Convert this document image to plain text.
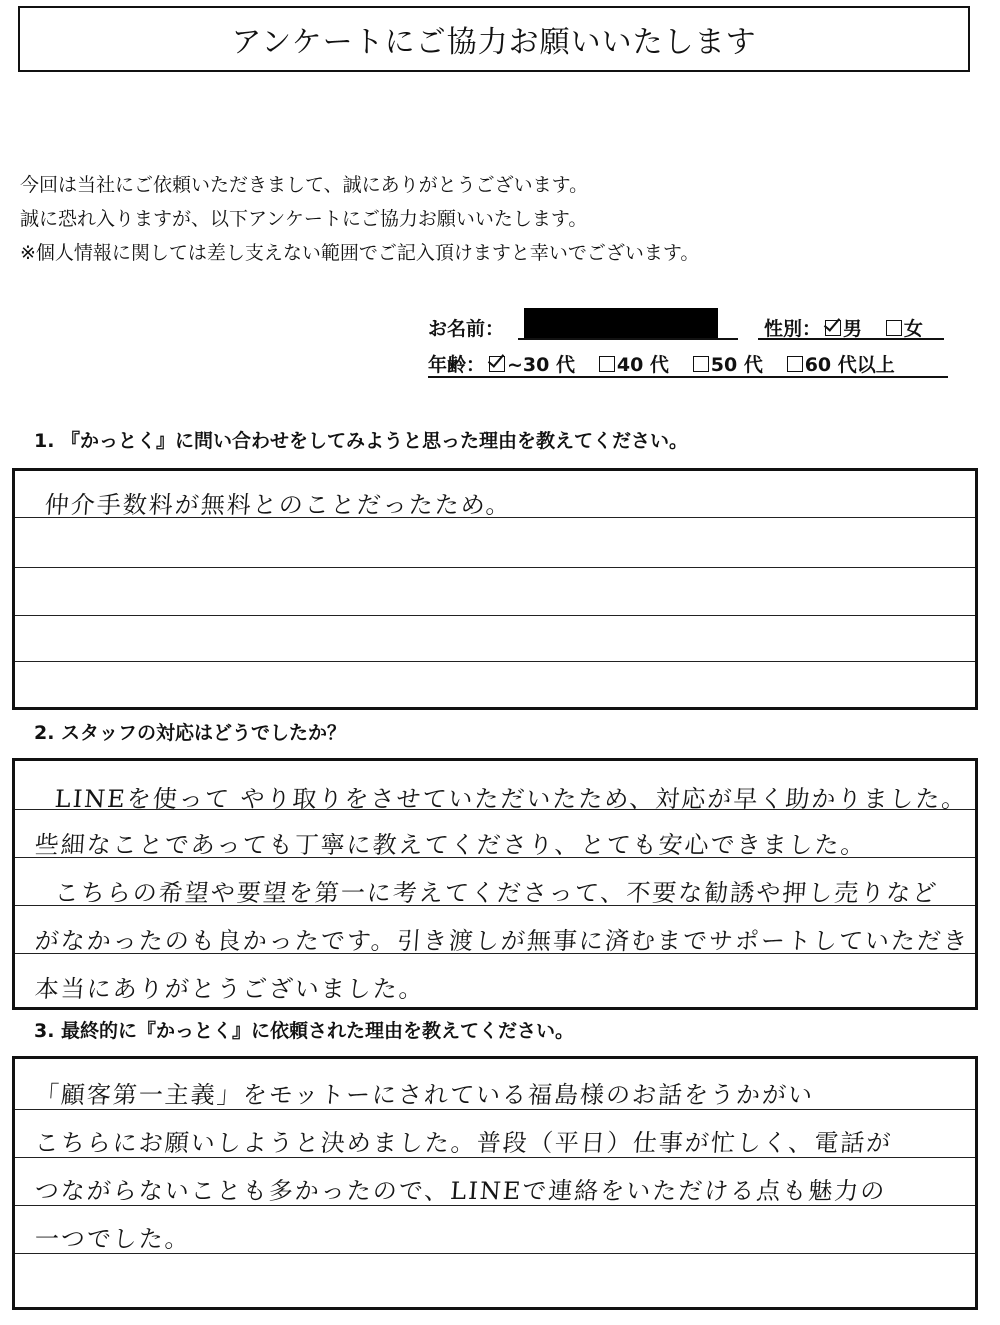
アンケートにご協力お願いいたします
今回は当社にご依頼いただきまして、誠にありがとうございます。
誠に恐れ入りますが、以下アンケートにご協力お願いいたします。
※個人情報に関しては差し支えない範囲でご記入頂けますと幸いでございます。
お名前：	性別： 男 女
年齢： ~30 代 40 代 50 代 60 代以上
1. 『かっとく』に問い合わせをしてみようと思った理由を教えてください。
仲介手数料が無料とのことだったため。
2. スタッフの対応はどうでしたか？
LINEを使って やり取りをさせていただいたため、対応が早く助かりました。
些細なことであっても丁寧に教えてくださり、とても安心できました。
こちらの希望や要望を第一に考えてくださって、不要な勧誘や押し売りなど
がなかったのも良かったです。引き渡しが無事に済むまでサポートしていただき
本当にありがとうございました。
3. 最終的に『かっとく』に依頼された理由を教えてください。
「顧客第一主義」をモットーにされている福島様のお話をうかがい
こちらにお願いしようと決めました。普段（平日）仕事が忙しく、電話が
つながらないことも多かったので、LINEで連絡をいただける点も魅力の
一つでした。
